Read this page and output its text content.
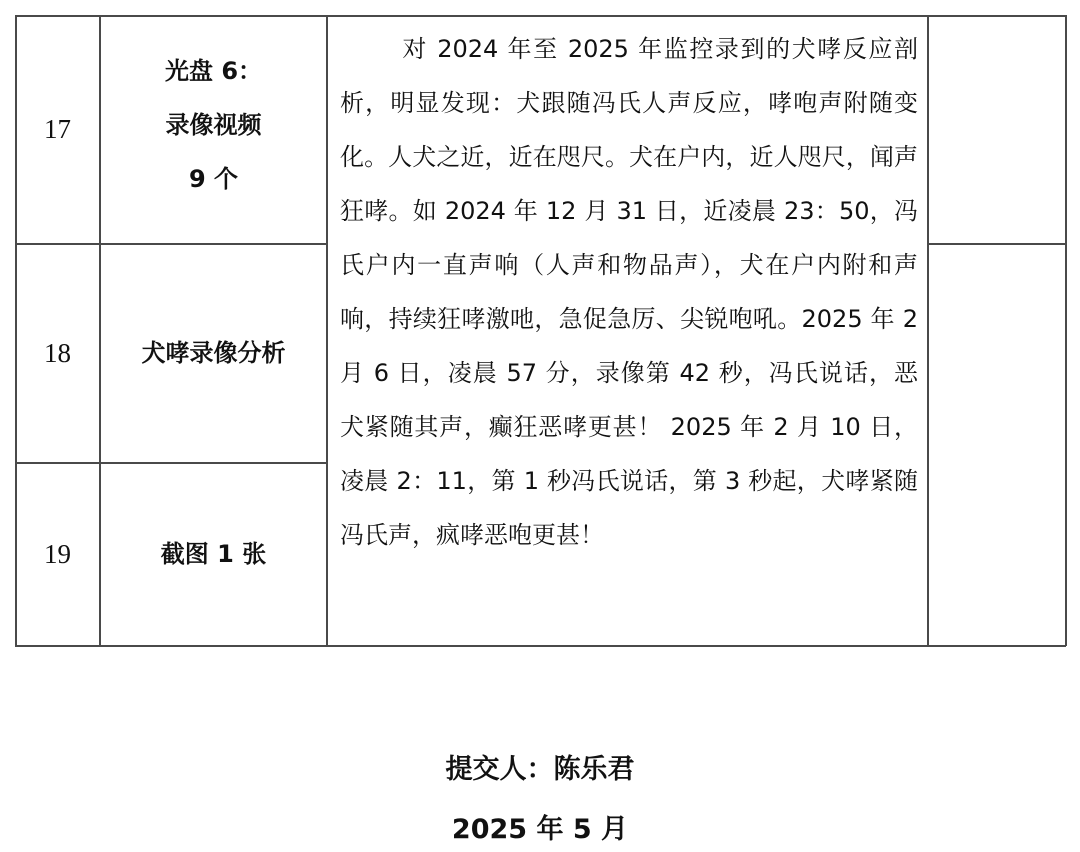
17
光盘 6：
录像视频
9 个
18	犬哮录像分析
19	截图 1 张

对 2024 年至 2025 年监控录到的犬哮反应剖析，明显发现：犬跟随冯氏人声反应，哮咆声附随变化。人犬之近，近在咫尺。犬在户内，近人咫尺，闻声狂哮。如 2024 年 12 月 31 日，近凌晨 23：50，冯氏户内一直声响（人声和物品声），犬在户内附和声响，持续狂哮激吔，急促急厉、尖锐咆吼。2025 年 2 月 6 日，凌晨 57 分，录像第 42 秒，冯氏说话，恶犬紧随其声，癫狂恶哮更甚！ 2025 年 2 月 10 日，凌晨 2：11，第 1 秒冯氏说话，第 3 秒起，犬哮紧随冯氏声，疯哮恶咆更甚！

提交人：陈乐君
2025 年 5 月
